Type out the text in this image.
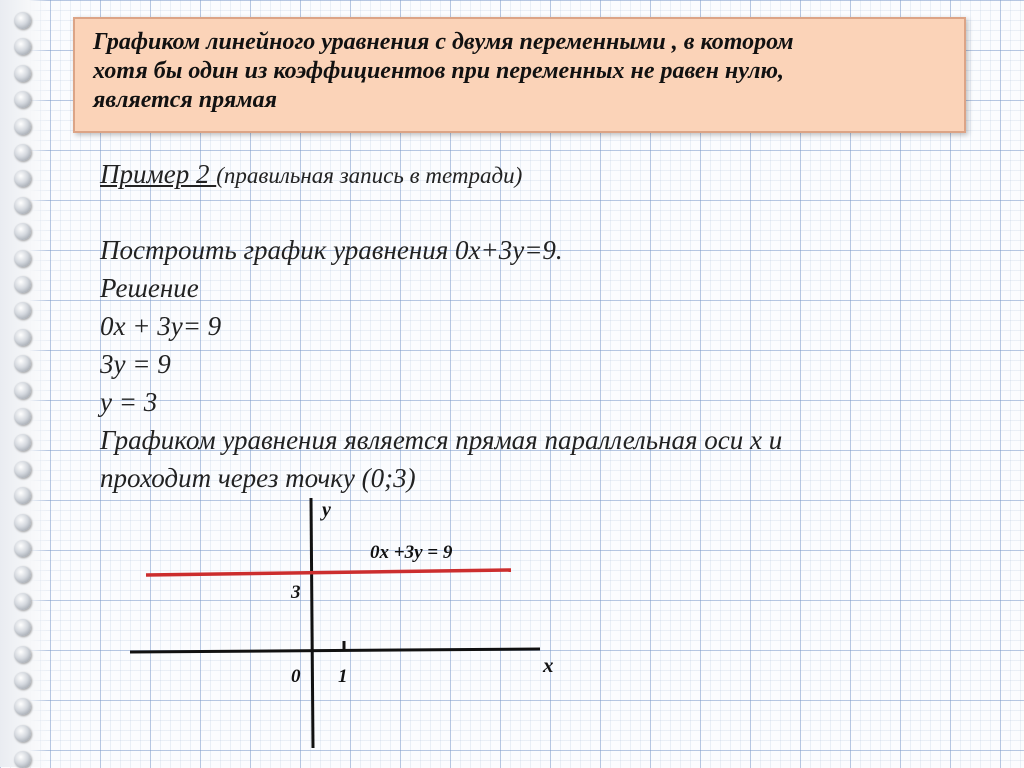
Графиком линейного уравнения с двумя переменными , в котором
хотя бы один из коэффициентов при переменных не равен нулю,
является прямая
Пример 2 (правильная запись в тетради)
Построить график уравнения 0х+3у=9.
Решение
0х + 3у= 9
3у = 9
у = 3
Графиком уравнения является прямая параллельная оси х и
проходит через точку (0;3)
у
х
0 1
3
0х +3у = 9
